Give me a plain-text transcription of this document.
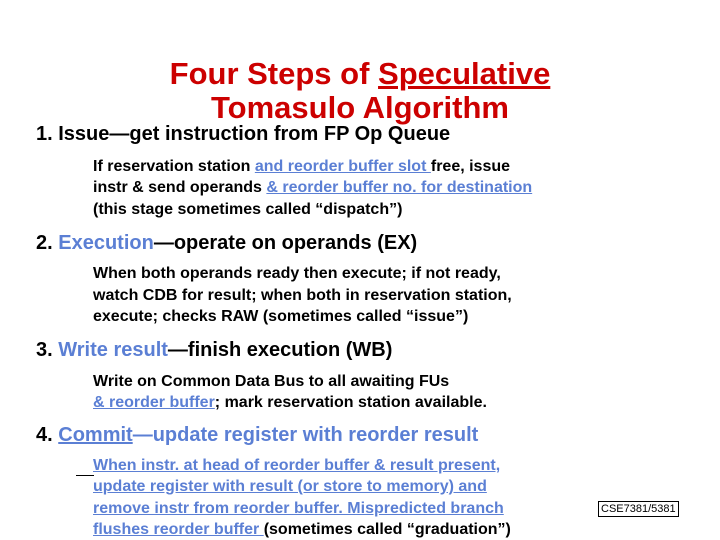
Four Steps of Speculative
Tomasulo Algorithm
1. Issue—get instruction from FP Op Queue
If reservation station and reorder buffer slot free, issue
instr & send operands & reorder buffer no. for destination
(this stage sometimes called “dispatch”)
2. Execution—operate on operands (EX)
When both operands ready then execute; if not ready,
watch CDB for result; when both in reservation station,
execute; checks RAW (sometimes called “issue”)
3. Write result—finish execution (WB)
Write on Common Data Bus to all awaiting FUs
& reorder buffer; mark reservation station available.
4. Commit—update register with reorder result
When instr. at head of reorder buffer & result present,
update register with result (or store to memory) and
remove instr from reorder buffer. Mispredicted branch
flushes reorder buffer (sometimes called “graduation”)
CSE7381/5381
